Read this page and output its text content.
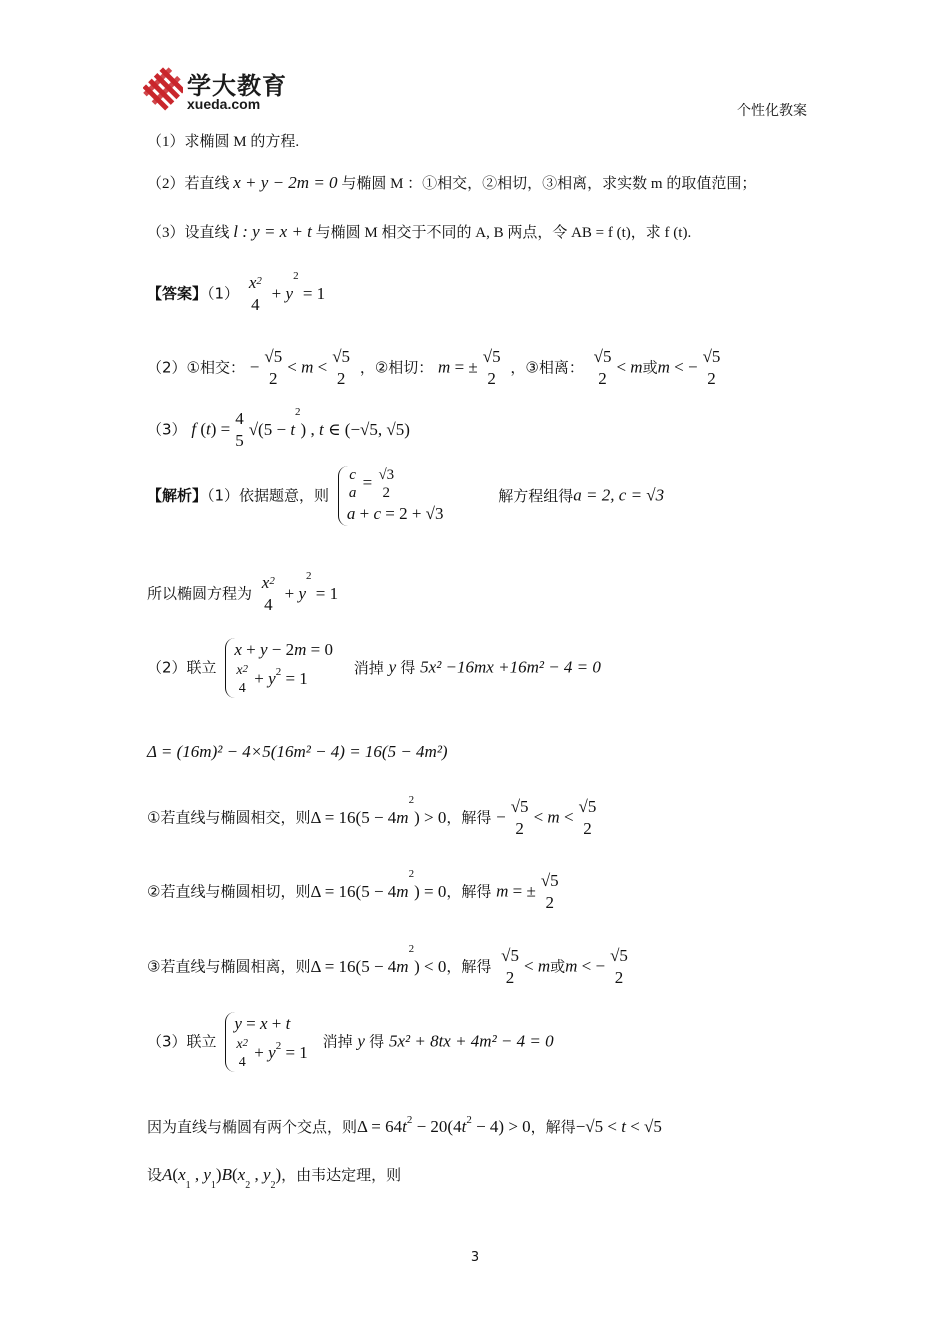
学大教育
xueda.com	个性化教案
（1）求椭圆 M 的方程.
（2）若直线 x + y − 2m = 0 与椭圆 M ：①相交，②相切，③相离，求实数 m 的取值范围；
（3）设直线 l : y = x + t 与椭圆 M 相交于不同的 A, B 两点，令 AB = f (t)，求 f (t).
【答案】（1）
$x^2$
4
+ $y^2 = 1$
（2）①相交： −
√5
2
< m <
√5
2
，②相切： m = ±
√5
2
，③相离：
√5
2
< m或m < −
√5
2
（3） f (t) =
4
5
$√(5 - t^2)$ , t ∈ (−√5, √5)
【解析】（1）依据题意，则
c
a
= √3
2
a + c = 2 + √3
解方程组得a = 2, c = √3
所以椭圆方程为
$x^2$
4
+ $y^2 = 1$
（2）联立
x + y − 2m = 0
$x^2$
4
+ $y^2 = 1$
消掉 y 得 5x² −16mx +16m² − 4 = 0
Δ = (16m)² − 4×5(16m² − 4) = 16(5 − 4m²)
①若直线与椭圆相交，则$\Delta = 16(5 - 4m^2) > 0$，解得 −
√5
2
< m <
√5
2
②若直线与椭圆相切，则$\Delta = 16(5 - 4m^2) = 0$，解得 m = ±
√5
2
③若直线与椭圆相离，则$\Delta = 16(5 - 4m^2) < 0$，解得
√5
2
< m或m < −
√5
2
（3）联立
y = x + t
$x^2$
4
+ $y^2 = 1$
消掉 y 得 5x² + 8tx + 4m² − 4 = 0
因为直线与椭圆有两个交点，则$\Delta = 64t^2 - 20(4t^2 - 4) > 0$，解得−√5 < t < √5
设$A(x_1$ , $y_1)B(x_2$ , $y_2$)，由韦达定理，则
3
